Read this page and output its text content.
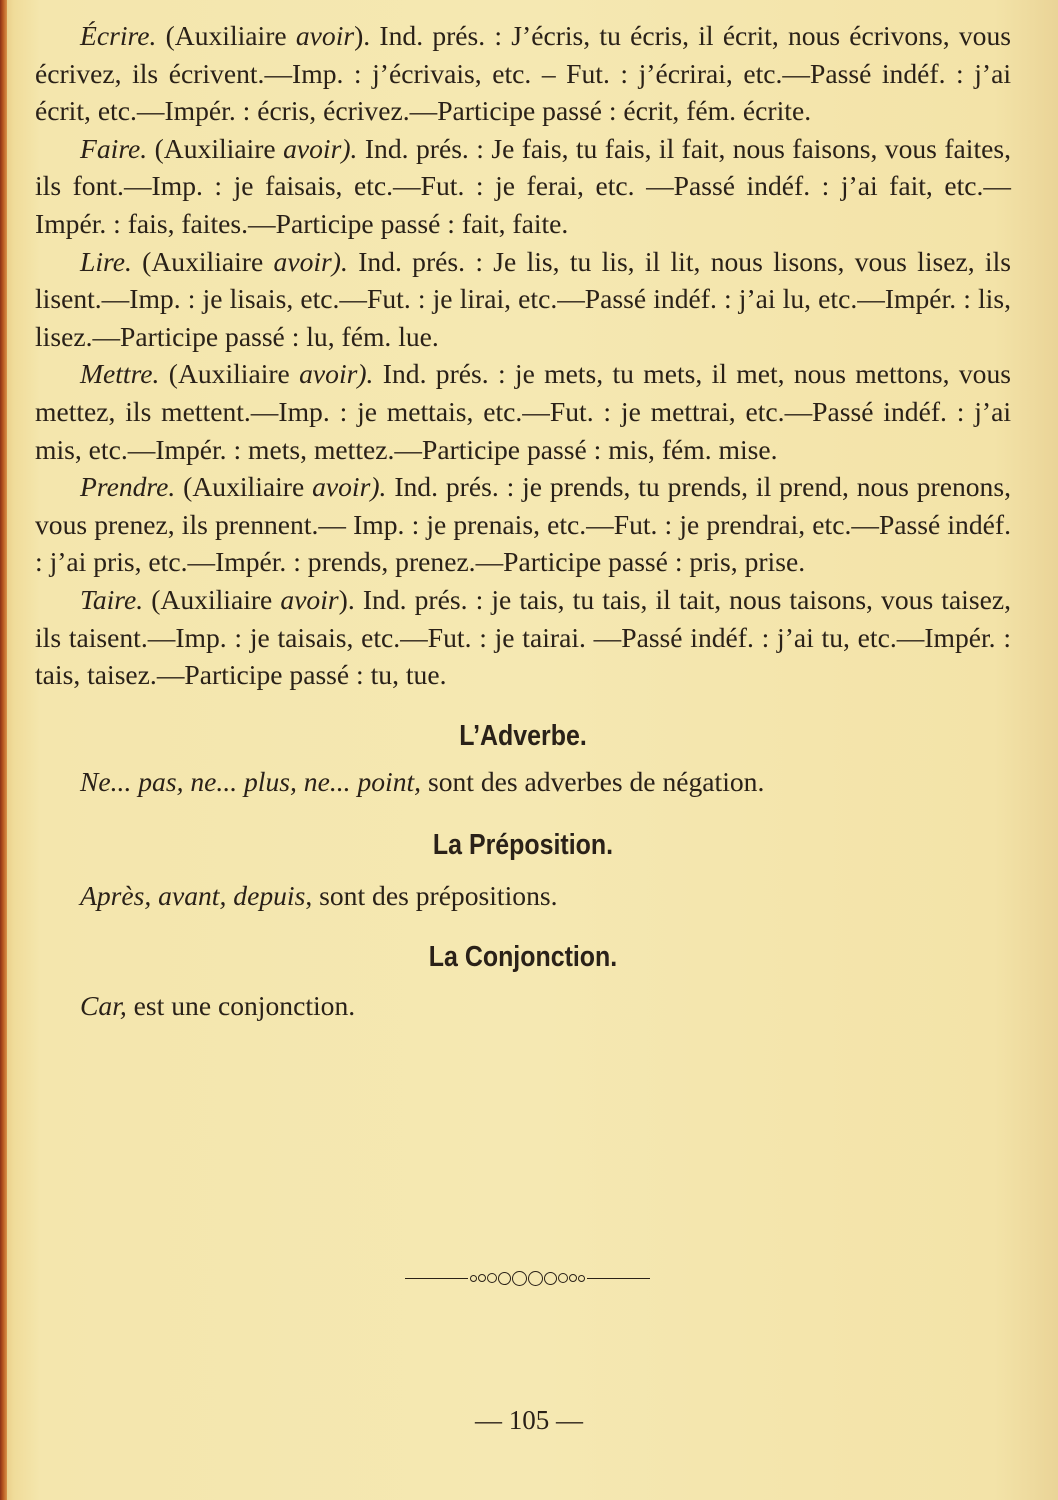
Écrire. (Auxiliaire avoir). Ind. prés. : J’écris, tu écris, il écrit, nous écrivons, vous écrivez, ils écrivent.—Imp. : j’écrivais, etc. – Fut. : j’écrirai, etc.—Passé indéf. : j’ai écrit, etc.—Impér. : écris, écrivez.—Participe passé : écrit, fém. écrite.

Faire. (Auxiliaire avoir). Ind. prés. : Je fais, tu fais, il fait, nous faisons, vous faites, ils font.—Imp. : je faisais, etc.—Fut. : je ferai, etc. —Passé indéf. : j’ai fait, etc.—Impér. : fais, faites.—Participe passé : fait, faite.

Lire. (Auxiliaire avoir). Ind. prés. : Je lis, tu lis, il lit, nous lisons, vous lisez, ils lisent.—Imp. : je lisais, etc.—Fut. : je lirai, etc.—Passé indéf. : j’ai lu, etc.—Impér. : lis, lisez.—Participe passé : lu, fém. lue.

Mettre. (Auxiliaire avoir). Ind. prés. : je mets, tu mets, il met, nous mettons, vous mettez, ils mettent.—Imp. : je mettais, etc.—Fut. : je mettrai, etc.—Passé indéf. : j’ai mis, etc.—Impér. : mets, mettez.—Participe passé : mis, fém. mise.

Prendre. (Auxiliaire avoir). Ind. prés. : je prends, tu prends, il prend, nous prenons, vous prenez, ils prennent.— Imp. : je prenais, etc.—Fut. : je prendrai, etc.—Passé indéf. : j’ai pris, etc.—Impér. : prends, prenez.—Participe passé : pris, prise.

Taire. (Auxiliaire avoir). Ind. prés. : je tais, tu tais, il tait, nous taisons, vous taisez, ils taisent.—Imp. : je taisais, etc.—Fut. : je tairai. —Passé indéf. : j’ai tu, etc.—Impér. : tais, taisez.—Participe passé : tu, tue.

L’Adverbe.

Ne... pas, ne... plus, ne... point, sont des adverbes de négation.

La Préposition.

Après, avant, depuis, sont des prépositions.

La Conjonction.

Car, est une conjonction.

— 105 —
